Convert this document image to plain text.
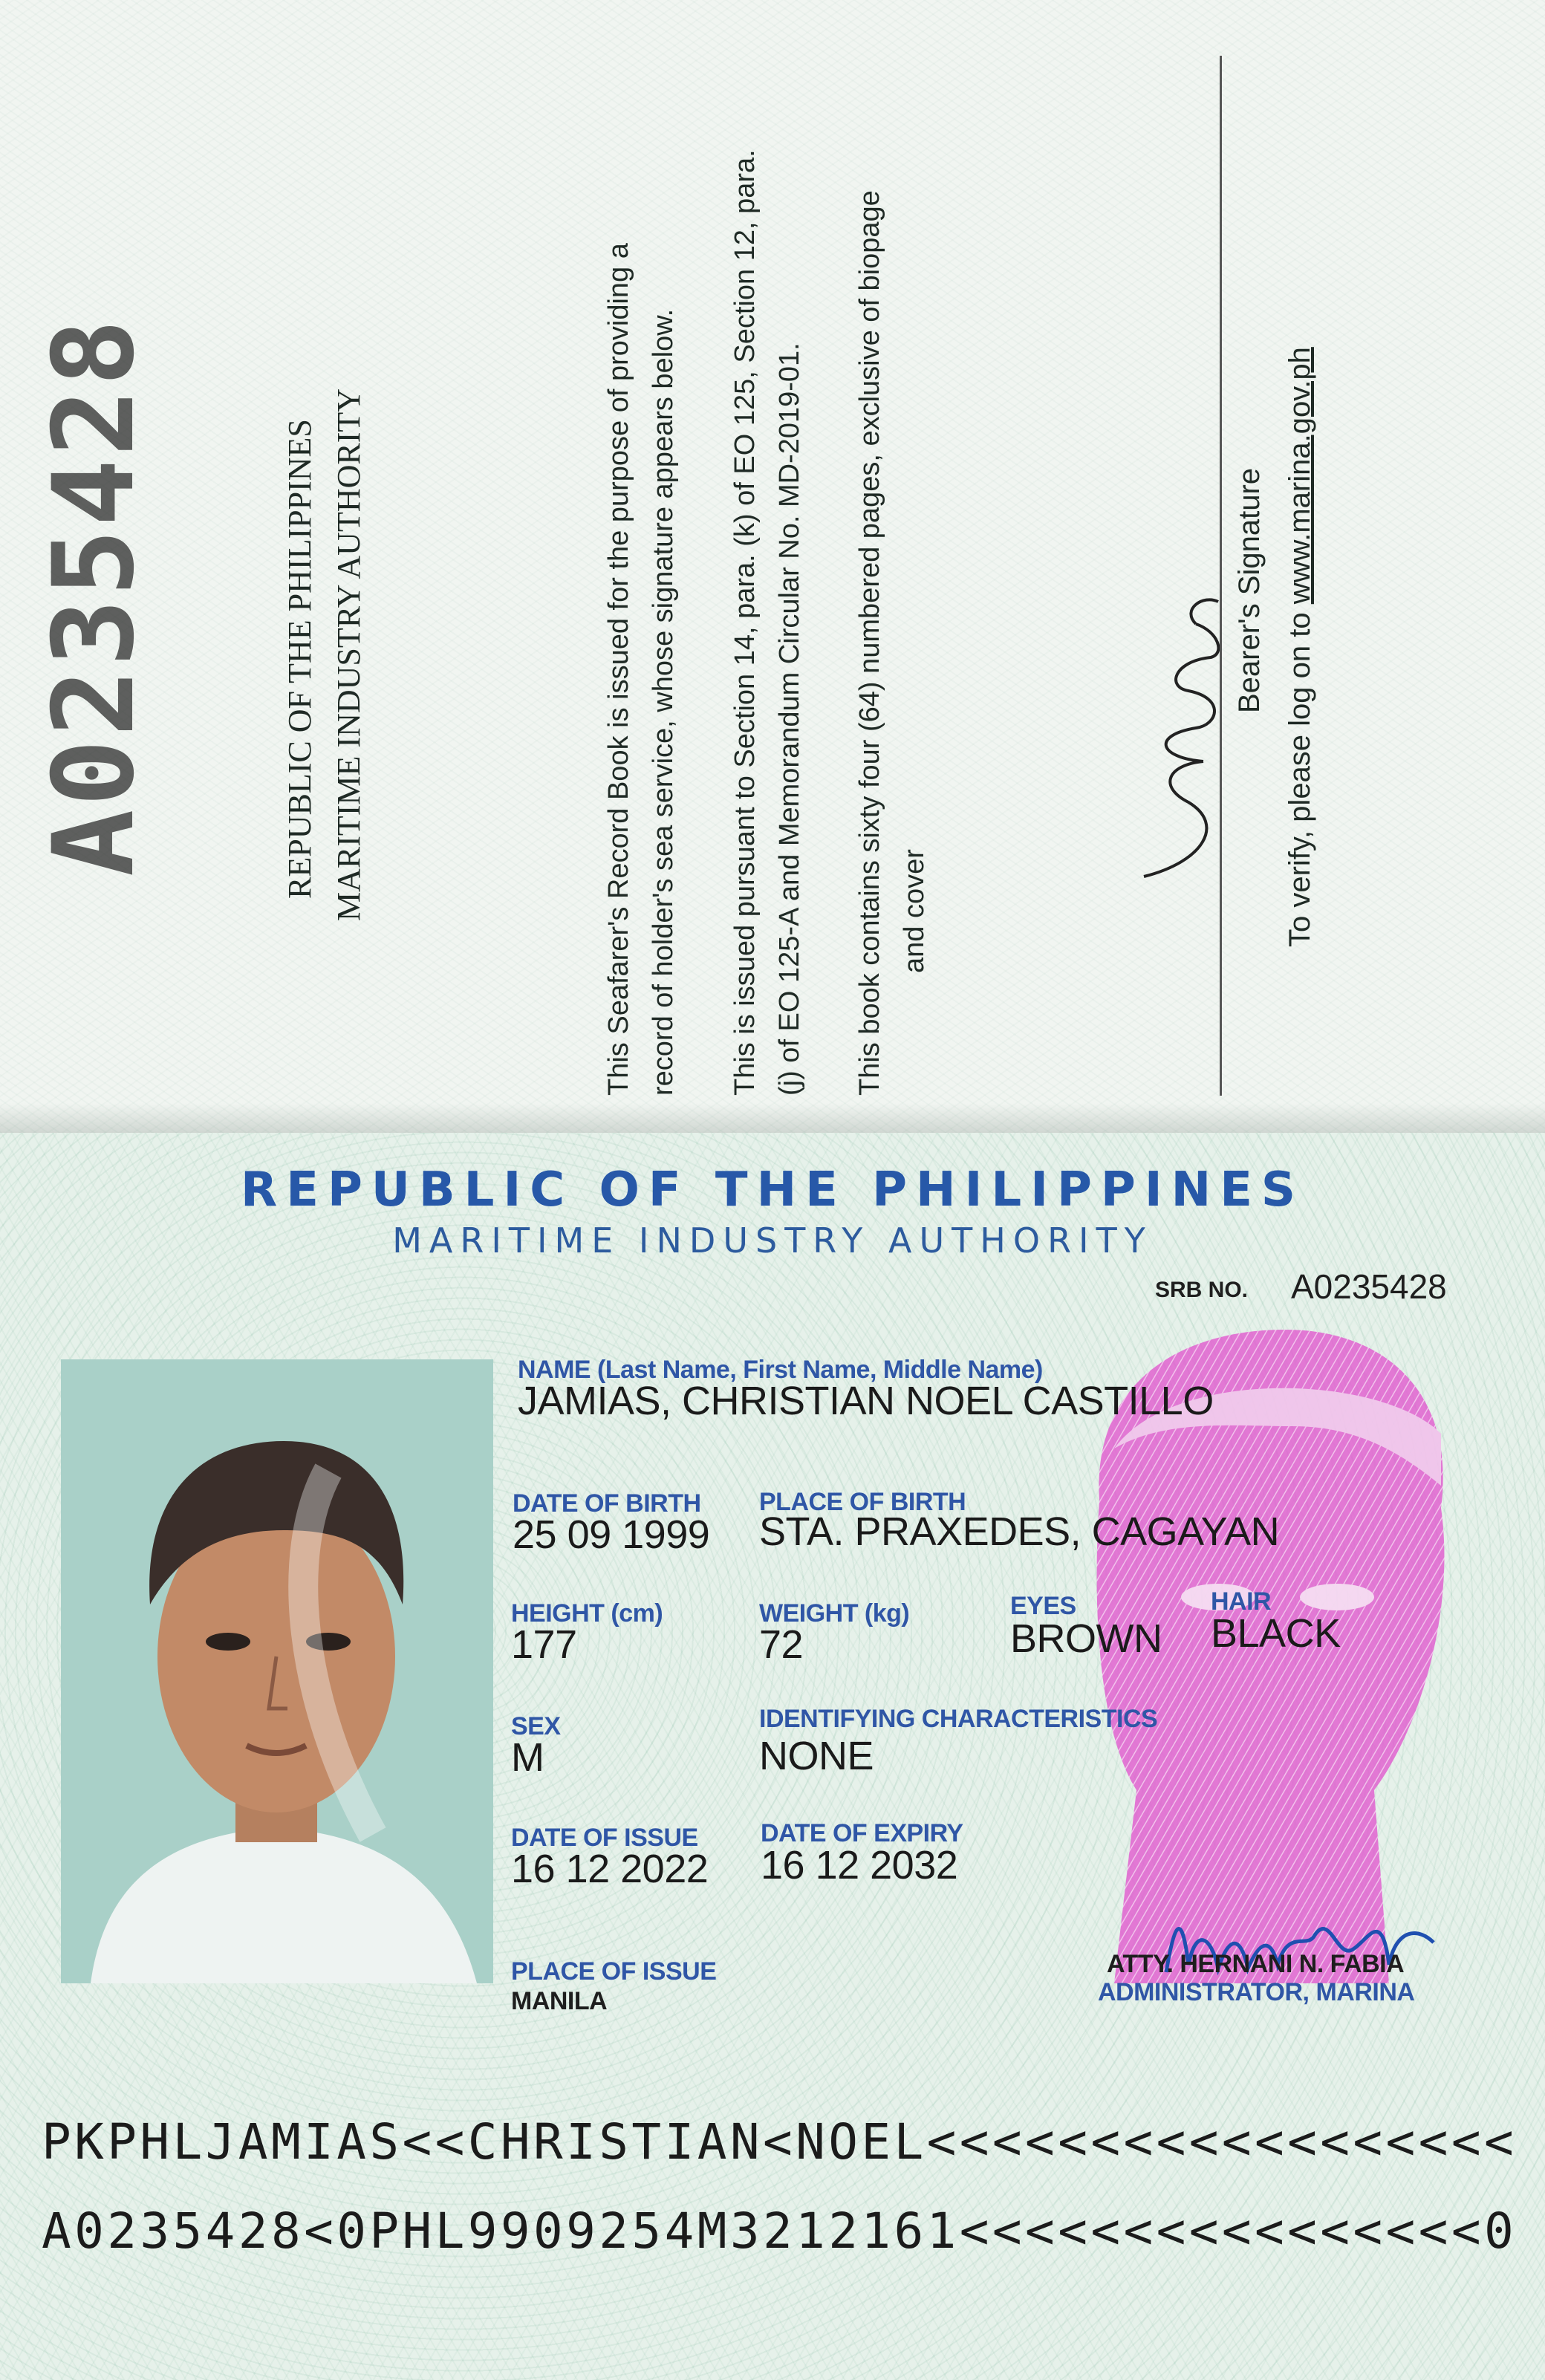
A0235428	REPUBLIC OF THE PHILIPPINES MARITIME INDUSTRY AUTHORITY	This Seafarer's Record Book is issued for the purpose of providing a record of holder's sea service, whose signature appears below. This is issued pursuant to Section 14, para. (k) of EO 125, Section 12, para. (j) of EO 125-A and Memorandum Circular No. MD-2019-01. This book contains sixty four (64) numbered pages, exclusive of biopage and cover
Bearer's Signature
To verify, please log on to www.marina.gov.ph
REPUBLIC OF THE PHILIPPINES
MARITIME INDUSTRY AUTHORITY
SRB NO. A0235428
NAME (Last Name, First Name, Middle Name)
JAMIAS, CHRISTIAN NOEL CASTILLO
DATE OF BIRTH
25 09 1999
PLACE OF BIRTH
STA. PRAXEDES, CAGAYAN
HEIGHT (cm)
177
WEIGHT (kg)
72
EYES
BROWN
HAIR
BLACK
SEX
M
IDENTIFYING CHARACTERISTICS
NONE
DATE OF ISSUE
16 12 2022
DATE OF EXPIRY
16 12 2032
PLACE OF ISSUE
MANILA
ATTY. HERNANI N. FABIA
ADMINISTRATOR, MARINA
PKPHLJAMIAS<<CHRISTIAN<NOEL<<<<<<<<<<<<<<<<<<
A0235428<0PHL9909254M3212161<<<<<<<<<<<<<<<<0
